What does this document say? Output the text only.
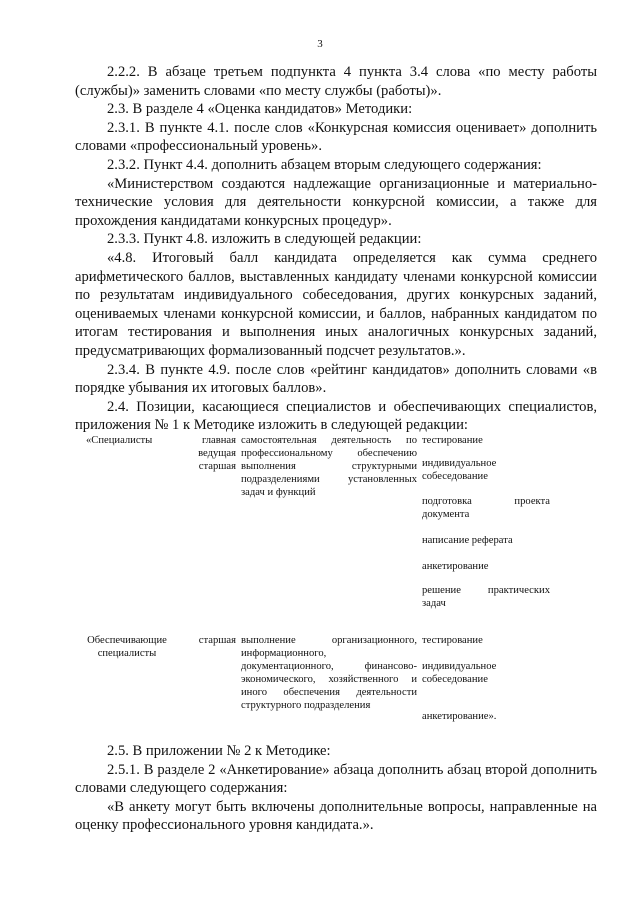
3

2.2.2. В абзаце третьем подпункта 4 пункта 3.4 слова «по месту работы (службы)» заменить словами «по месту службы (работы)».

2.3. В разделе 4 «Оценка кандидатов» Методики:

2.3.1. В пункте 4.1. после слов «Конкурсная комиссия оценивает» дополнить словами «профессиональный уровень».

2.3.2. Пункт 4.4. дополнить абзацем вторым следующего содержания:

«Министерством создаются надлежащие организационные и материально-технические условия для деятельности конкурсной комиссии, а также для прохождения кандидатами конкурсных процедур».

2.3.3. Пункт 4.8. изложить в следующей редакции:

«4.8. Итоговый балл кандидата определяется как сумма среднего арифметического баллов, выставленных кандидату членами конкурсной комиссии по результатам индивидуального собеседования, других конкурсных заданий, оцениваемых членами конкурсной комиссии, и баллов, набранных кандидатом по итогам тестирования и выполнения иных аналогичных конкурсных заданий, предусматривающих формализованный подсчет результатов.».

2.3.4. В пункте 4.9. после слов «рейтинг кандидатов» дополнить словами «в порядке убывания их итоговых баллов».

2.4. Позиции, касающиеся специалистов и обеспечивающих специалистов, приложения № 1 к Методике изложить в следующей редакции:

«Специалисты	главная
ведущая
старшая
самостоятельная деятельность по профессиональному обеспечению выполнения структурными подразделениями установленных задач и функций
тестирование
индивидуальное собеседование
подготовка проекта документа
написание реферата
анкетирование
решение практических задач
Обеспечивающие специалисты
старшая выполнение организационного, информационного, документационного, финансово-экономического, хозяйственного и иного обеспечения деятельности структурного подразделения
тестирование
индивидуальное собеседование
анкетирование».

2.5. В приложении № 2 к Методике:

2.5.1. В разделе 2 «Анкетирование» абзаца дополнить абзац второй дополнить словами следующего содержания:

«В анкету могут быть включены дополнительные вопросы, направленные на оценку профессионального уровня кандидата.».
